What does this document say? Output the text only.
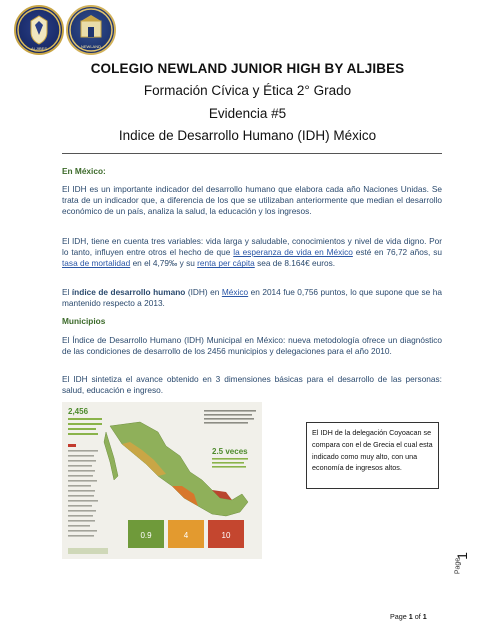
ALJIBES	NEWLAND
COLEGIO NEWLAND JUNIOR HIGH BY ALJIBES
Formación Cívica y Ética 2° Grado
Evidencia #5
Indice de Desarrollo Humano (IDH) México
En México:
El IDH es un importante indicador del desarrollo humano que elabora cada año Naciones Unidas. Se trata de un indicador que, a diferencia de los que se utilizaban anteriormente que median el desarrollo económico de un país, analiza la salud, la educación y los ingresos.
El IDH, tiene en cuenta tres variables: vida larga y saludable, conocimientos y nivel de vida digno. Por lo tanto, influyen entre otros el hecho de que la esperanza de vida en México esté en 76,72 años, su tasa de mortalidad en el 4,79‰ y su renta per cápita sea de 8.164€ euros.
El índice de desarrollo humano (IDH) en México en 2014 fue 0,756 puntos, lo que supone que se ha mantenido respecto a 2013.
Municipios
El Índice de Desarrollo Humano (IDH) Municipal en México: nueva metodología ofrece un diagnóstico de las condiciones de desarrollo de los 2456 municipios y delegaciones para el año 2010.
El IDH sintetiza el avance obtenido en 3 dimensiones básicas para el desarrollo de las personas: salud, educación e ingreso.
2,456
2.5 veces
0.9	4	10
El IDH de la delegación Coyoacan se compara con el de Grecia el cual esta indicado como muy alto, con una economía de ingresos altos.
Page
1
Page 1 of 1
